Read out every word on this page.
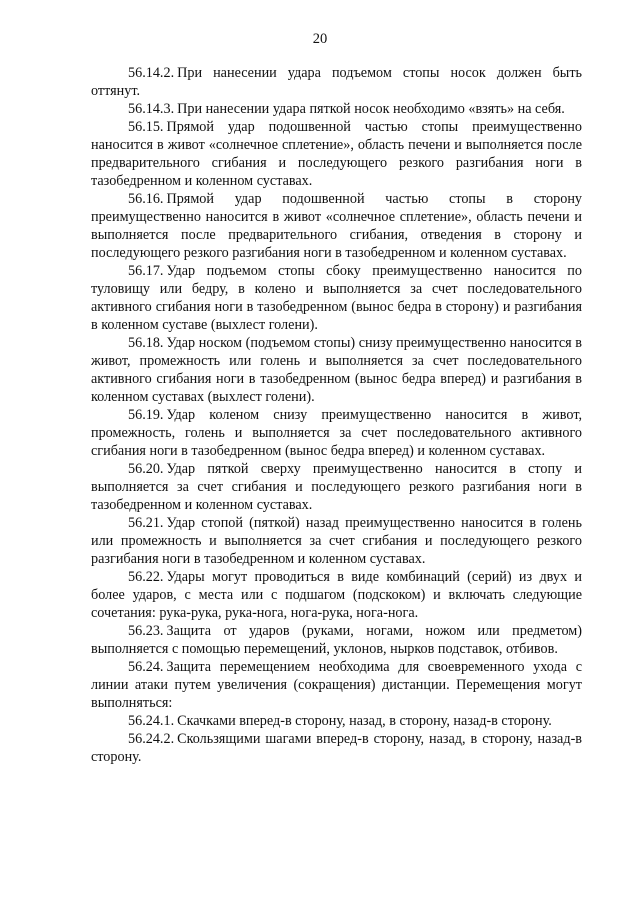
20

56.14.2. При нанесении удара подъемом стопы носок должен быть оттянут.

56.14.3. При нанесении удара пяткой носок необходимо «взять» на себя.

56.15. Прямой удар подошвенной частью стопы преимущественно наносится в живот «солнечное сплетение», область печени и выполняется после предварительного сгибания и последующего резкого разгибания ноги в тазобедренном и коленном суставах.

56.16. Прямой удар подошвенной частью стопы в сторону преимущественно наносится в живот «солнечное сплетение», область печени и выполняется после предварительного сгибания, отведения в сторону и последующего резкого разгибания ноги в тазобедренном и коленном суставах.

56.17. Удар подъемом стопы сбоку преимущественно наносится по туловищу или бедру, в колено и выполняется за счет последовательного активного сгибания ноги в тазобедренном (вынос бедра в сторону) и разгибания в коленном суставе (выхлест голени).

56.18. Удар носком (подъемом стопы) снизу преимущественно наносится в живот, промежность или голень и выполняется за счет последовательного активного сгибания ноги в тазобедренном (вынос бедра вперед) и разгибания в коленном суставах (выхлест голени).

56.19. Удар коленом снизу преимущественно наносится в живот, промежность, голень и выполняется за счет последовательного активного сгибания ноги в тазобедренном (вынос бедра вперед) и коленном суставах.

56.20. Удар пяткой сверху преимущественно наносится в стопу и выполняется за счет сгибания и последующего резкого разгибания ноги в тазобедренном и коленном суставах.

56.21. Удар стопой (пяткой) назад преимущественно наносится в голень или промежность и выполняется за счет сгибания и последующего резкого разгибания ноги в тазобедренном и коленном суставах.

56.22. Удары могут проводиться в виде комбинаций (серий) из двух и более ударов, с места или с подшагом (подскоком) и включать следующие сочетания: рука-рука, рука-нога, нога-рука, нога-нога.

56.23. Защита от ударов (руками, ногами, ножом или предметом) выполняется с помощью перемещений, уклонов, нырков подставок, отбивов.

56.24. Защита перемещением необходима для своевременного ухода с линии атаки путем увеличения (сокращения) дистанции. Перемещения могут выполняться:

56.24.1. Скачками вперед-в сторону, назад, в сторону, назад-в сторону.

56.24.2. Скользящими шагами вперед-в сторону, назад, в сторону, назад-в сторону.
